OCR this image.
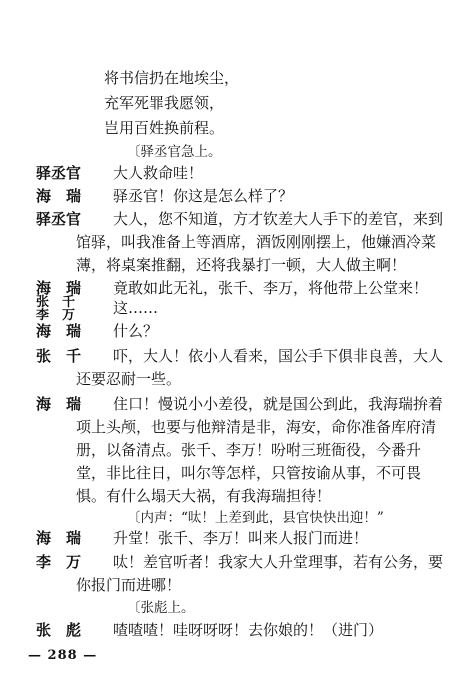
将书信扔在地埃尘，
充军死罪我愿领，
岂用百姓换前程。
〔驿丞官急上。
驿丞官 大人救命哇！
海　瑞 驿丞官！你这是怎么样了？
驿丞官 大人，您不知道，方才钦差大人手下的差官，来到
馆驿，叫我准备上等酒席，酒饭刚刚摆上，他嫌酒冷菜
薄，将桌案推翻，还将我暴打一顿，大人做主啊！
海　瑞 竟敢如此无礼，张千、李万，将他带上公堂来！
张　千
李　万	这……
海　瑞 什么？
张　千 吓，大人！依小人看来，国公手下俱非良善，大人
还要忍耐一些。
海　瑞 住口！慢说小小差役，就是国公到此，我海瑞拚着
项上头颅，也要与他辩清是非，海安，命你准备库府清
册，以备清点。张千、李万！吩咐三班衙役，今番升
堂，非比往日，叫尔等怎样，只管按谕从事，不可畏
惧。有什么塌天大祸，有我海瑞担待！
〔内声：“呔！上差到此，县官快快出迎！”
海　瑞 升堂！张千、李万！叫来人报门而进！
李　万 呔！差官听者！我家大人升堂理事，若有公务，要
你报门而进哪！
〔张彪上。
张　彪 喳喳喳！哇呀呀呀！去你娘的！（进门）
— 288 —
